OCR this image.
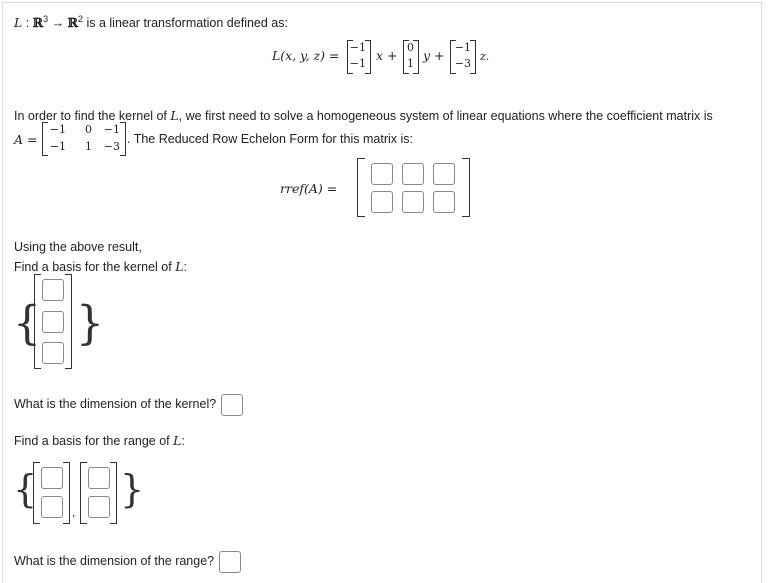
L : ℝ$^3$ → ℝ$^2$ is a linear transformation defined as:
L(x, y, z) =
−1
−1
x +
0
1
y +
−1
−3
z.
In order to find the kernel of L, we first need to solve a homogeneous system of linear equations where the coefficient matrix is
A =
−1	0	−1
−1	1	−3
. The Reduced Row Echelon Form for this matrix is:
rref(A) =
Using the above result,
Find a basis for the kernel of L:
{ }
What is the dimension of the kernel?
Find a basis for the range of L:
{
,
}
What is the dimension of the range?
